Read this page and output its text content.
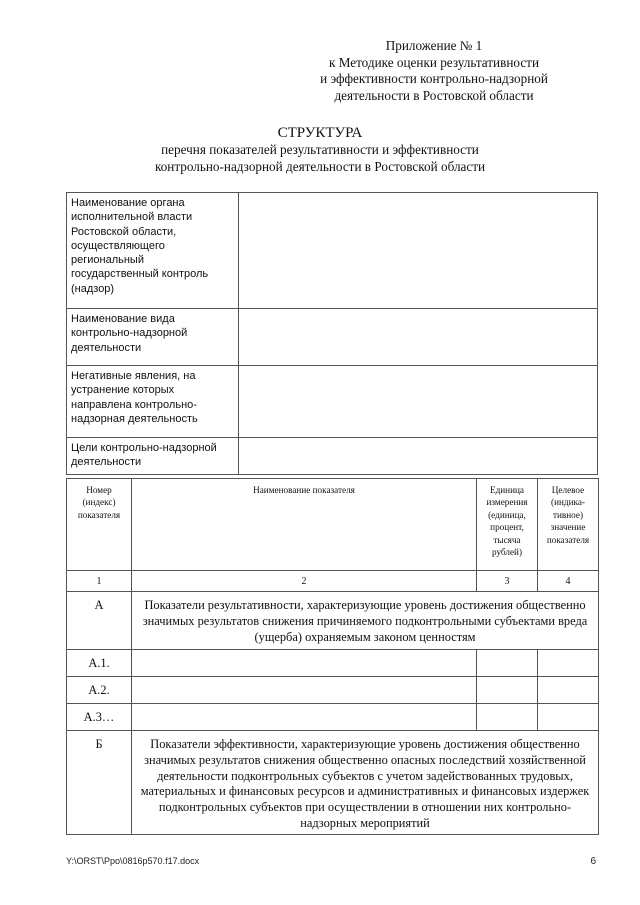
Приложение № 1
к Методике оценки результативности
и эффективности контрольно-надзорной
деятельности в Ростовской области
СТРУКТУРА
перечня показателей результативности и эффективности
контрольно-надзорной деятельности в Ростовской области
Наименование органа исполнительной власти Ростовской области, осуществляющего региональный государственный контроль (надзор)	
Наименование вида контрольно-надзорной деятельности	
Негативные явления, на устранение которых направлена контрольно-надзорная деятельность	
Цели контрольно-надзорной деятельности	
Номер (индекс) показателя	Наименование показателя	Единица измерения (единица, процент, тысяча рублей)	Целевое (индика-тивное) значение показателя
1	2	3	4
А	Показатели результативности, характеризующие уровень достижения общественно значимых результатов снижения причиняемого подконтрольными субъектами вреда (ущерба) охраняемым законом ценностям		
А.1.			
А.2.			
А.3…			
Б	Показатели эффективности, характеризующие уровень достижения общественно значимых результатов снижения общественно опасных последствий хозяйственной деятельности подконтрольных субъектов с учетом задействованных трудовых, материальных и финансовых ресурсов и административных и финансовых издержек подконтрольных субъектов при осуществлении в отношении них контрольно-надзорных мероприятий		
Y:\ORST\Ppo\0816p570.f17.docx	6
